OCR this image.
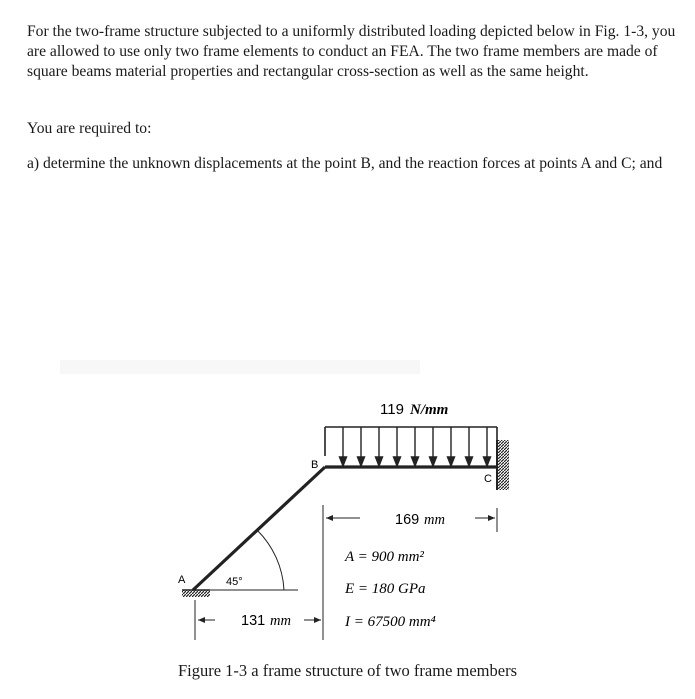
For the two-frame structure subjected to a uniformly distributed loading depicted below in Fig. 1-3, you are allowed to use only two frame elements to conduct an FEA. The two frame members are made of square beams material properties and rectangular cross-section as well as the same height.

You are required to:

a) determine the unknown displacements at the point B, and the reaction forces at points A and C; and

119 N/mm
A
B
C
45°
131 mm
169 mm
A = 900 mm²
E = 180 GPa
I = 67500 mm⁴
Figure 1-3 a frame structure of two frame members
